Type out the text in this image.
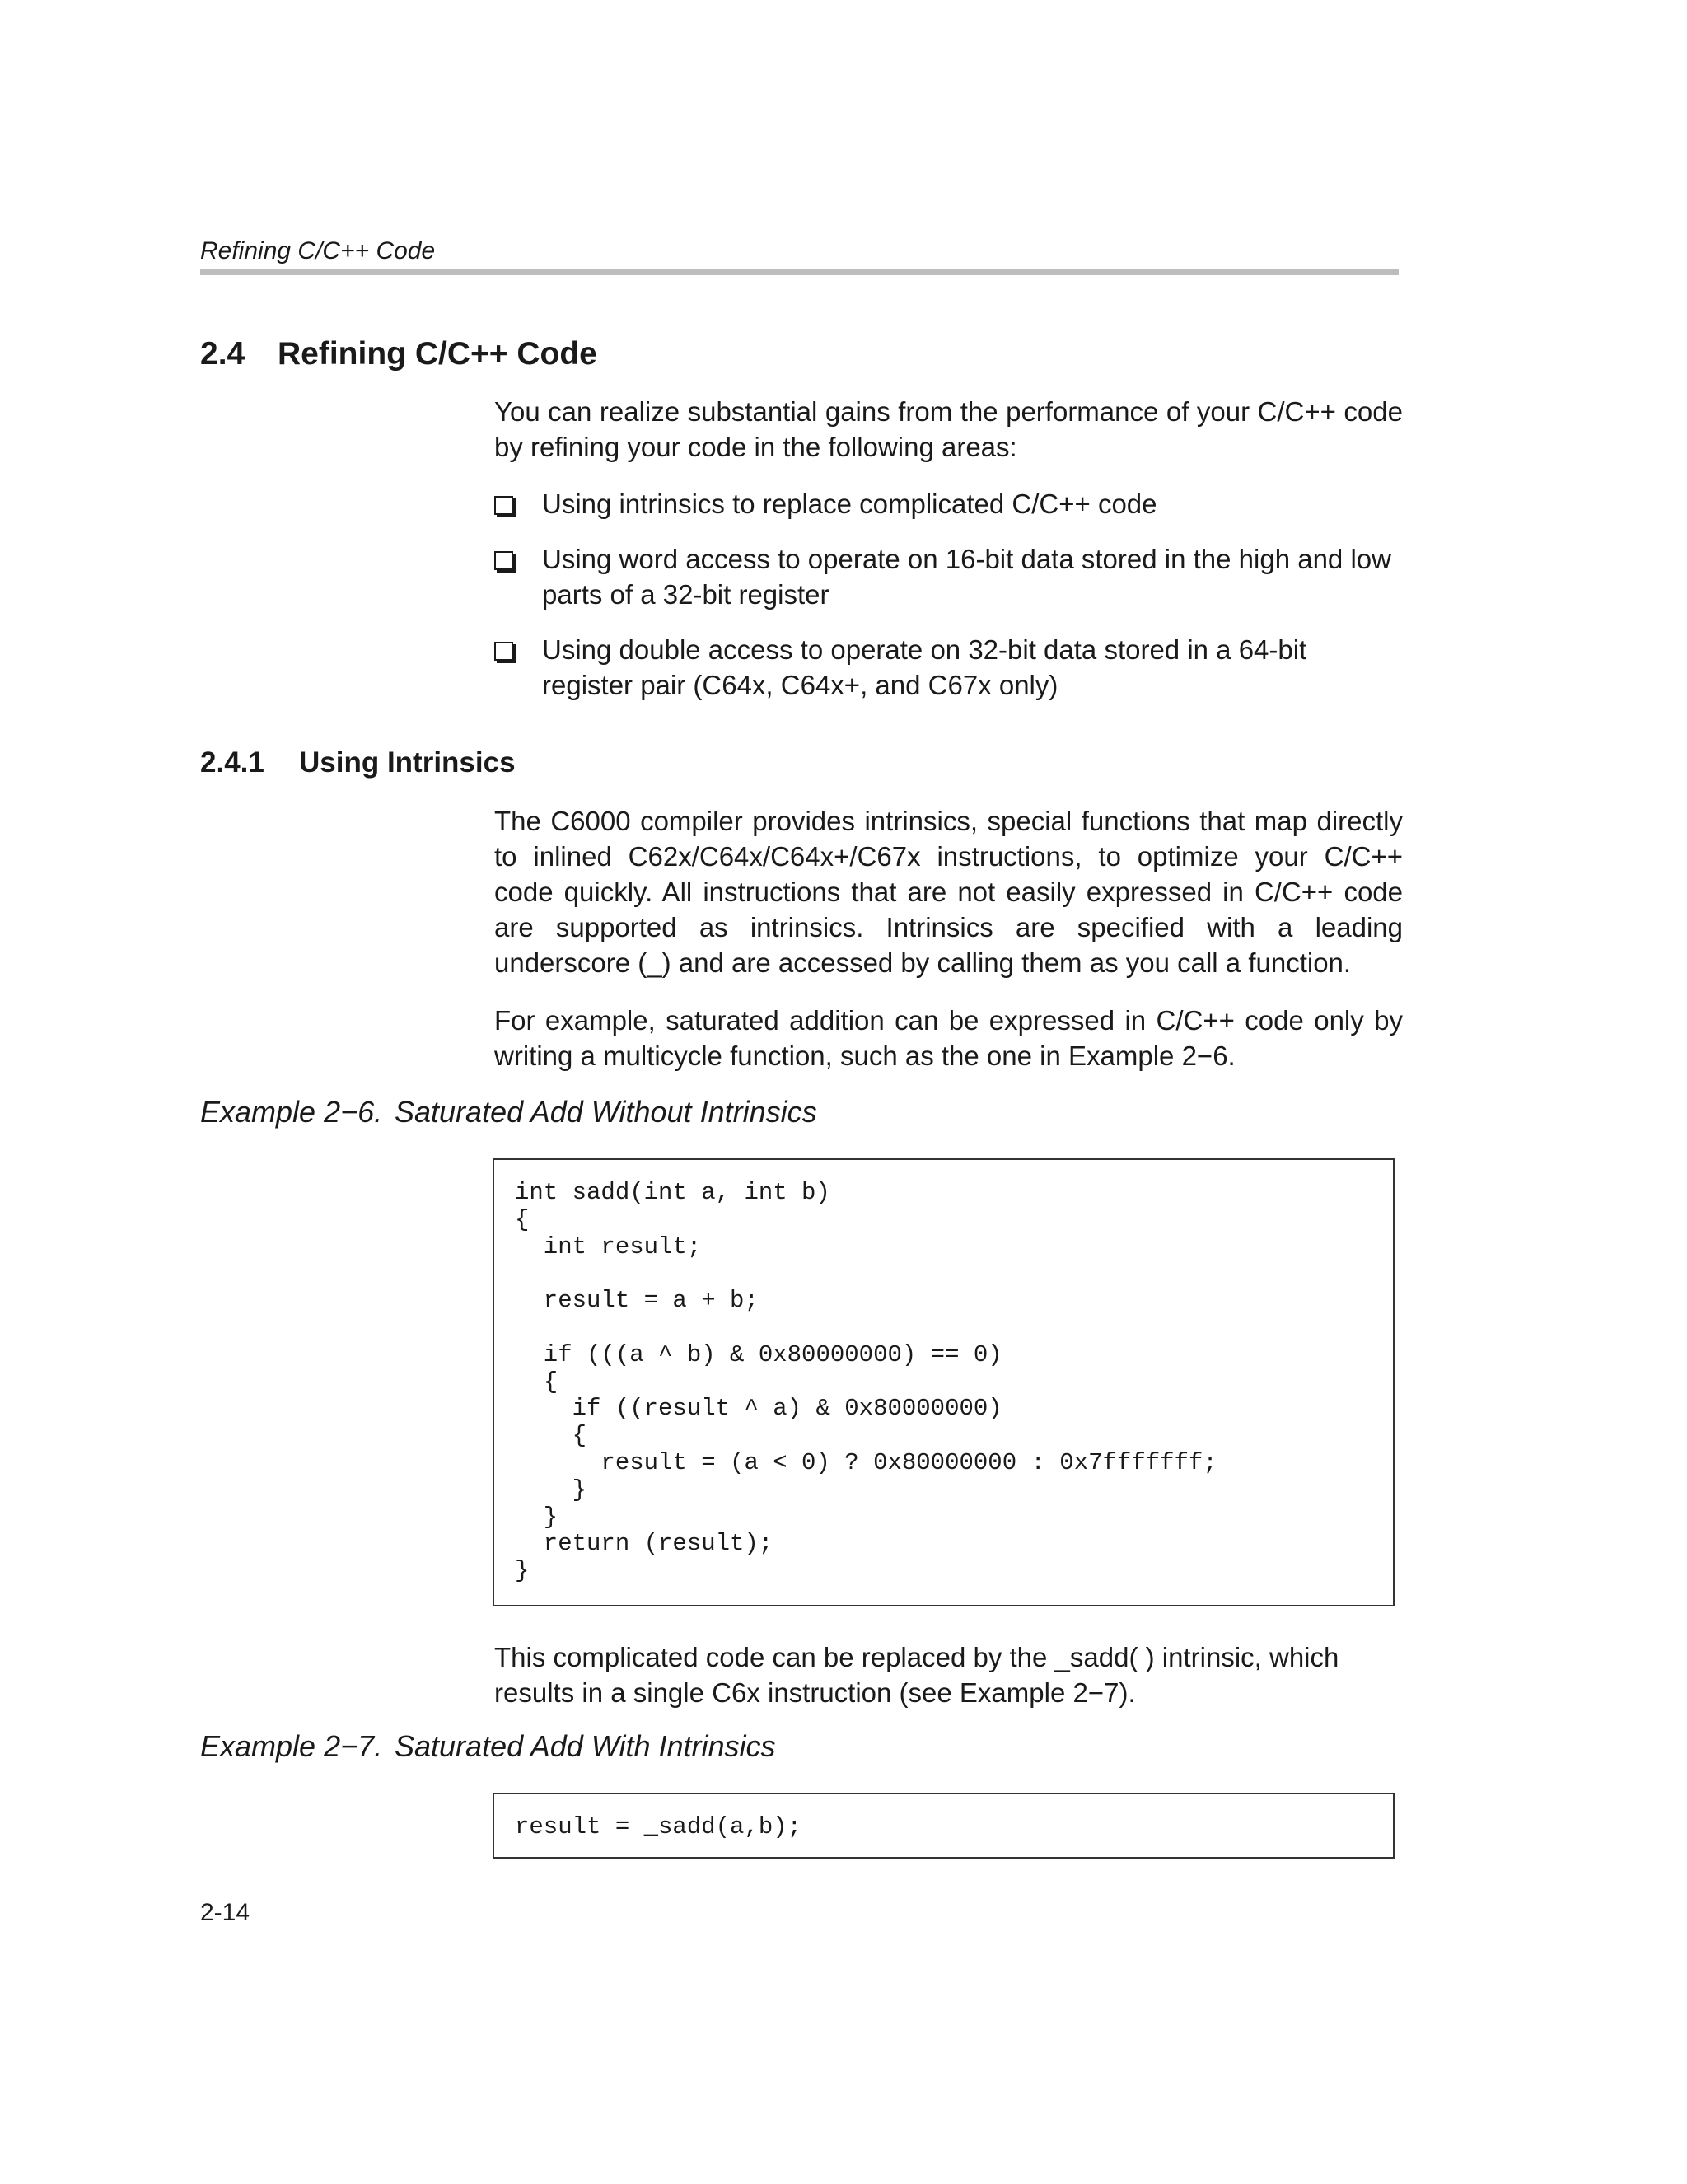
Refining C/C++ Code
2.4 Refining C/C++ Code

You can realize substantial gains from the performance of your C/C++ code by refining your code in the following areas:

Using intrinsics to replace complicated C/C++ code
Using word access to operate on 16-bit data stored in the high and low parts of a 32-bit register
Using double access to operate on 32-bit data stored in a 64-bit register pair (C64x, C64x+, and C67x only)
2.4.1 Using Intrinsics

The C6000 compiler provides intrinsics, special functions that map directly to inlined C62x/C64x/C64x+/C67x instructions, to optimize your C/C++ code quickly. All instructions that are not easily expressed in C/C++ code are supported as intrinsics. Intrinsics are specified with a leading underscore (_) and are accessed by calling them as you call a function.

For example, saturated addition can be expressed in C/C++ code only by writing a multicycle function, such as the one in Example 2−6.

Example 2−6. Saturated Add Without Intrinsics
int sadd(int a, int b)
{
int result;

result = a + b;

if (((a ^ b) & 0x80000000) == 0)
{
if ((result ^ a) & 0x80000000)
{
result = (a < 0) ? 0x80000000 : 0x7fffffff;
}
}
return (result);
}

This complicated code can be replaced by the _sadd( ) intrinsic, which results in a single C6x instruction (see Example 2−7).

Example 2−7. Saturated Add With Intrinsics
result = _sadd(a,b);
2-14
